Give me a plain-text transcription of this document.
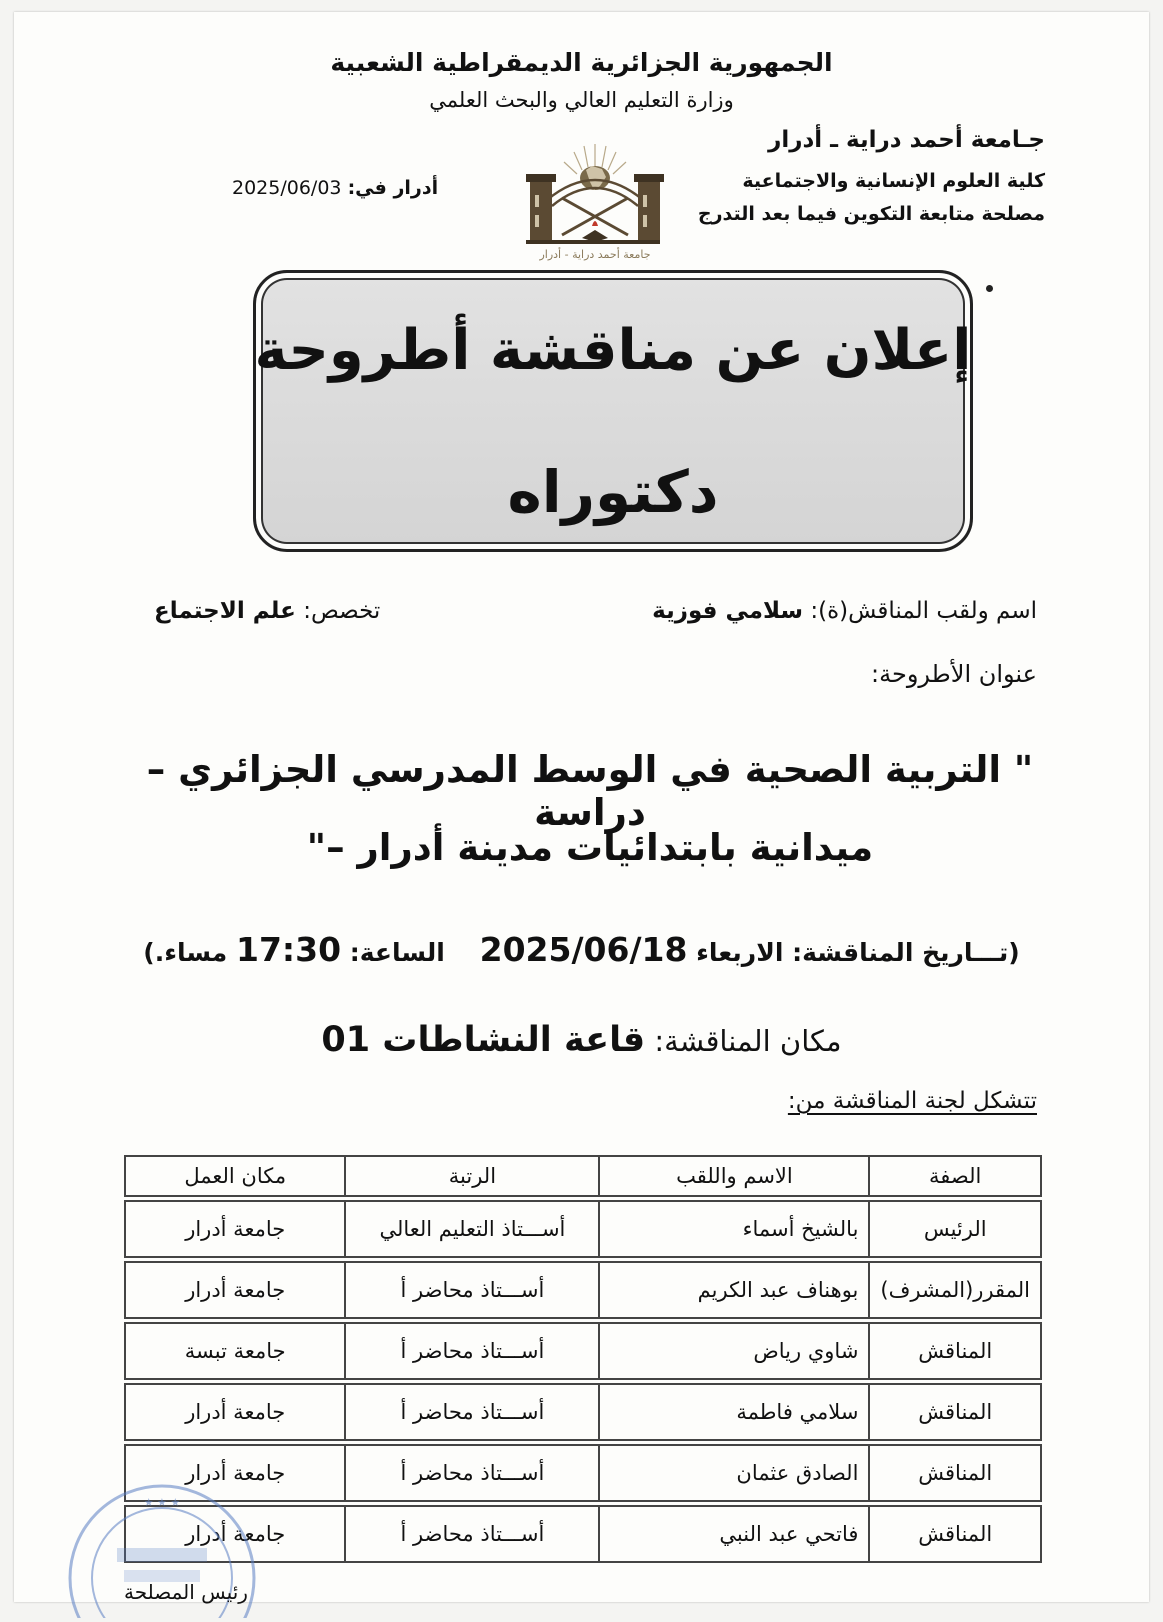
الجمهورية الجزائرية الديمقراطية الشعبية
وزارة التعليم العالي والبحث العلمي
جـامعة أحمد دراية ـ أدرار
كلية العلوم الإنسانية والاجتماعية
مصلحة متابعة التكوين فيما بعد التدرج
أدرار في: 2025/06/03
جامعة أحمد دراية - أدرار
إعلان عن مناقشة أطروحة
دكتوراه
اسم ولقب المناقش(ة): سلامي فوزية
تخصص: علم الاجتماع
عنوان الأطروحة:
" التربية الصحية في الوسط المدرسي الجزائري – دراسة
ميدانية بابتدائيات مدينة أدرار –"
(تـــاريخ المناقشة: الاربعاء 2025/06/18    الساعة: 17:30 مساء.)
مكان المناقشة: قاعة النشاطات 01
تتشكل لجنة المناقشة من:
الصفة	الاسم واللقب	الرتبة	مكان العمل

الرئيس	بالشيخ أسماء	أســـتاذ التعليم العالي	جامعة أدرار

المقرر(المشرف)	بوهناف عبد الكريم	أســـتاذ محاضر أ	جامعة أدرار

المناقش	شاوي رياض	أســـتاذ محاضر أ	جامعة تبسة

المناقش	سلامي فاطمة	أســـتاذ محاضر أ	جامعة أدرار

المناقش	الصادق عثمان	أســـتاذ محاضر أ	جامعة أدرار

المناقش	فاتحي عبد النبي	أســـتاذ محاضر أ	جامعة أدرار
★ ★ ★
رئيس المصلحة
